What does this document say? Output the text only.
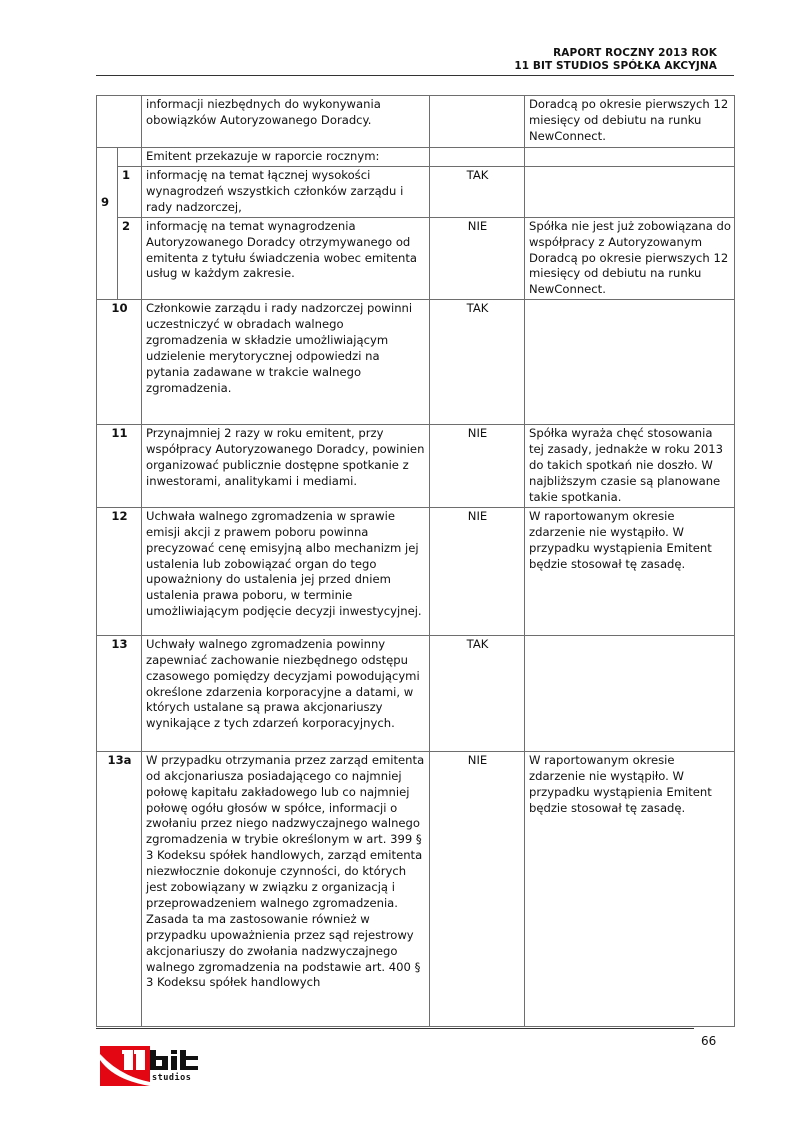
RAPORT ROCZNY 2013 ROK
11 BIT STUDIOS SPÓŁKA AKCYJNA
		informacji niezbędnych do wykonywania obowiązków Autoryzowanego Doradcy.		Doradcą po okresie pierwszych 12 miesięcy od debiutu na runku NewConnect.
9		Emitent przekazuje w raporcie rocznym:		
	1	informację na temat łącznej wysokości wynagrodzeń wszystkich członków zarządu i rady nadzorczej,	TAK	
	2	informację na temat wynagrodzenia Autoryzowanego Doradcy otrzymywanego od emitenta z tytułu świadczenia wobec emitenta usług w każdym zakresie.	NIE	Spółka nie jest już zobowiązana do współpracy z Autoryzowanym Doradcą po okresie pierwszych 12 miesięcy od debiutu na runku NewConnect.
10		Członkowie zarządu i rady nadzorczej powinni uczestniczyć w obradach walnego zgromadzenia w składzie umożliwiającym udzielenie merytorycznej odpowiedzi na pytania zadawane w trakcie walnego zgromadzenia.	TAK	
11		Przynajmniej 2 razy w roku emitent, przy współpracy Autoryzowanego Doradcy, powinien organizować publicznie dostępne spotkanie z inwestorami, analitykami i mediami.	NIE	Spółka wyraża chęć stosowania tej zasady, jednakże w roku 2013 do takich spotkań nie doszło. W najbliższym czasie są planowane takie spotkania.
12		Uchwała walnego zgromadzenia w sprawie emisji akcji z prawem poboru powinna precyzować cenę emisyjną albo mechanizm jej ustalenia lub zobowiązać organ do tego upoważniony do ustalenia jej przed dniem ustalenia prawa poboru, w terminie umożliwiającym podjęcie decyzji inwestycyjnej.	NIE	W raportowanym okresie zdarzenie nie wystąpiło. W przypadku wystąpienia Emitent będzie stosował tę zasadę.
13		Uchwały walnego zgromadzenia powinny zapewniać zachowanie niezbędnego odstępu czasowego pomiędzy decyzjami powodującymi określone zdarzenia korporacyjne a datami, w których ustalane są prawa akcjonariuszy wynikające z tych zdarzeń korporacyjnych.	TAK	
13a		W przypadku otrzymania przez zarząd emitenta od akcjonariusza posiadającego co najmniej połowę kapitału zakładowego lub co najmniej połowę ogółu głosów w spółce, informacji o zwołaniu przez niego nadzwyczajnego walnego zgromadzenia w trybie określonym w art. 399 § 3 Kodeksu spółek handlowych, zarząd emitenta niezwłocznie dokonuje czynności, do których jest zobowiązany w związku z organizacją i przeprowadzeniem walnego zgromadzenia. Zasada ta ma zastosowanie również w przypadku upoważnienia przez sąd rejestrowy akcjonariuszy do zwołania nadzwyczajnego walnego zgromadzenia na podstawie art. 400 § 3 Kodeksu spółek handlowych	NIE	W raportowanym okresie zdarzenie nie wystąpiło. W przypadku wystąpienia Emitent będzie stosował tę zasadę.
66
studios
